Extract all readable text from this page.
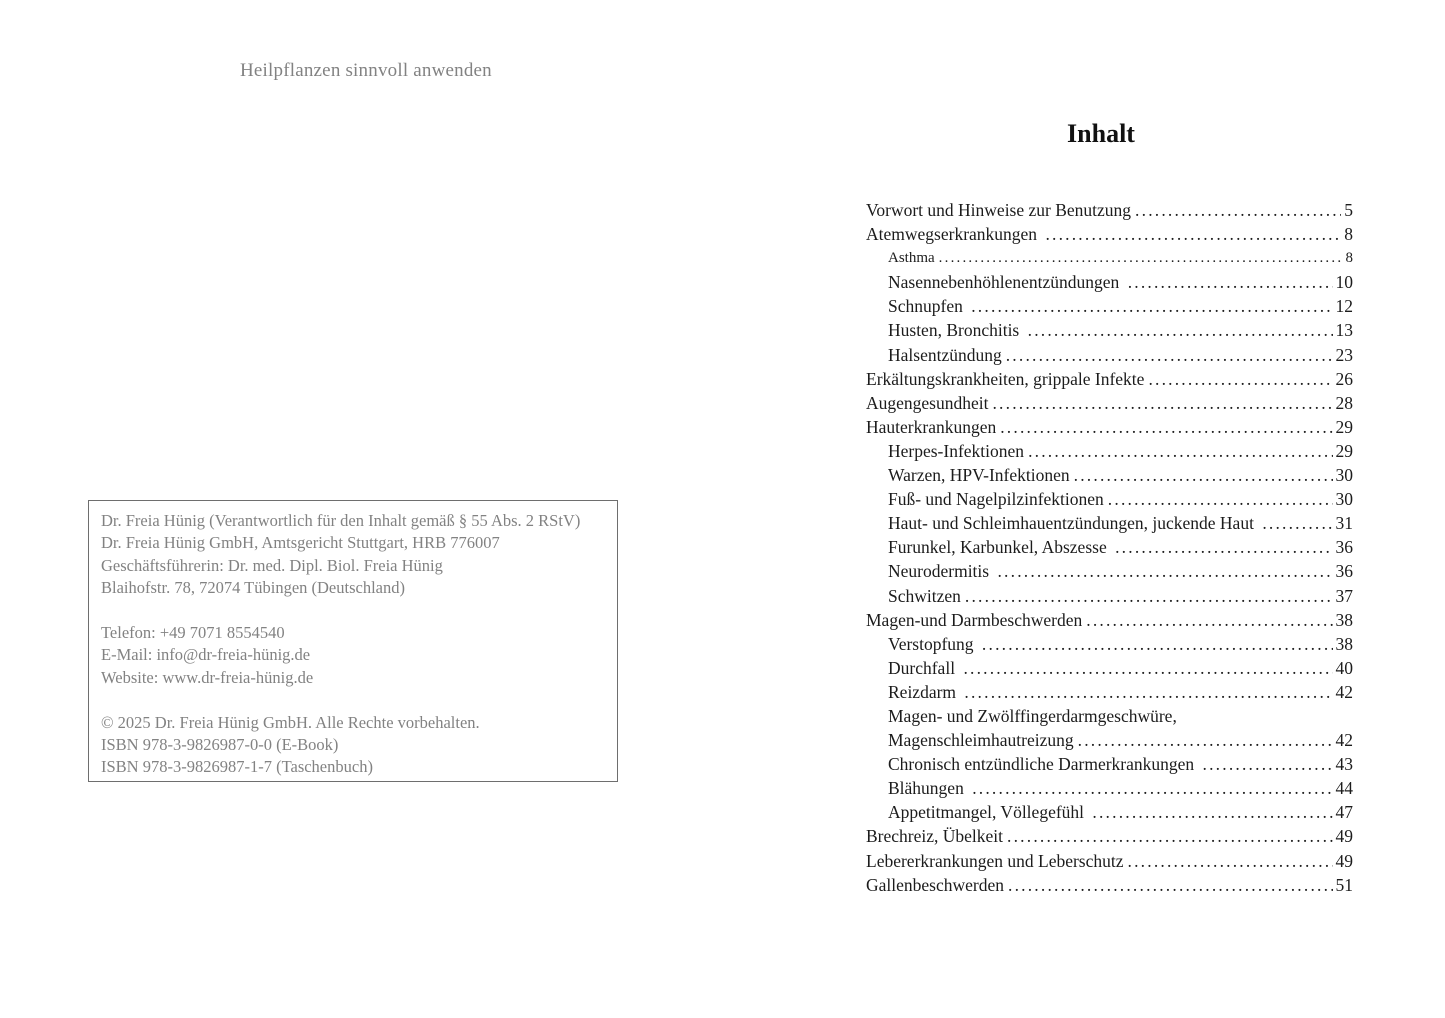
Heilpflanzen sinnvoll anwenden
Dr. Freia Hünig (Verantwortlich für den Inhalt gemäß § 55 Abs. 2 RStV)
Dr. Freia Hünig GmbH, Amtsgericht Stuttgart, HRB 776007
Geschäftsführerin: Dr. med. Dipl. Biol. Freia Hünig
Blaihofstr. 78, 72074 Tübingen (Deutschland)

Telefon: +49 7071 8554540
E-Mail: info@dr-freia-hünig.de
Website: www.dr-freia-hünig.de

© 2025 Dr. Freia Hünig GmbH. Alle Rechte vorbehalten.
ISBN 978-3-9826987-0-0 (E-Book)
ISBN 978-3-9826987-1-7 (Taschenbuch)
Inhalt
Vorwort und Hinweise zur Benutzung .....	5
Atemwegserkrankungen .....	8
Asthma .....	8
Nasennebenhöhlenentzündungen .....	10
Schnupfen .....	12
Husten, Bronchitis .....	13
Halsentzündung .....	23
Erkältungskrankheiten, grippale Infekte .....	26
Augengesundheit .....	28
Hauterkrankungen .....	29
Herpes-Infektionen .....	29
Warzen, HPV-Infektionen .....	30
Fuß- und Nagelpilzinfektionen .....	30
Haut- und Schleimhauentzündungen, juckende Haut .....	31
Furunkel, Karbunkel, Abszesse .....	36
Neurodermitis .....	36
Schwitzen .....	37
Magen-und Darmbeschwerden .....	38
Verstopfung .....	38
Durchfall .....	40
Reizdarm .....	42
Magen- und Zwölffingerdarmgeschwüre,
Magenschleimhautreizung .....	42
Chronisch entzündliche Darmerkrankungen .....	43
Blähungen .....	44
Appetitmangel, Völlegefühl .....	47
Brechreiz, Übelkeit .....	49
Lebererkrankungen und Leberschutz .....	49
Gallenbeschwerden .....	51
